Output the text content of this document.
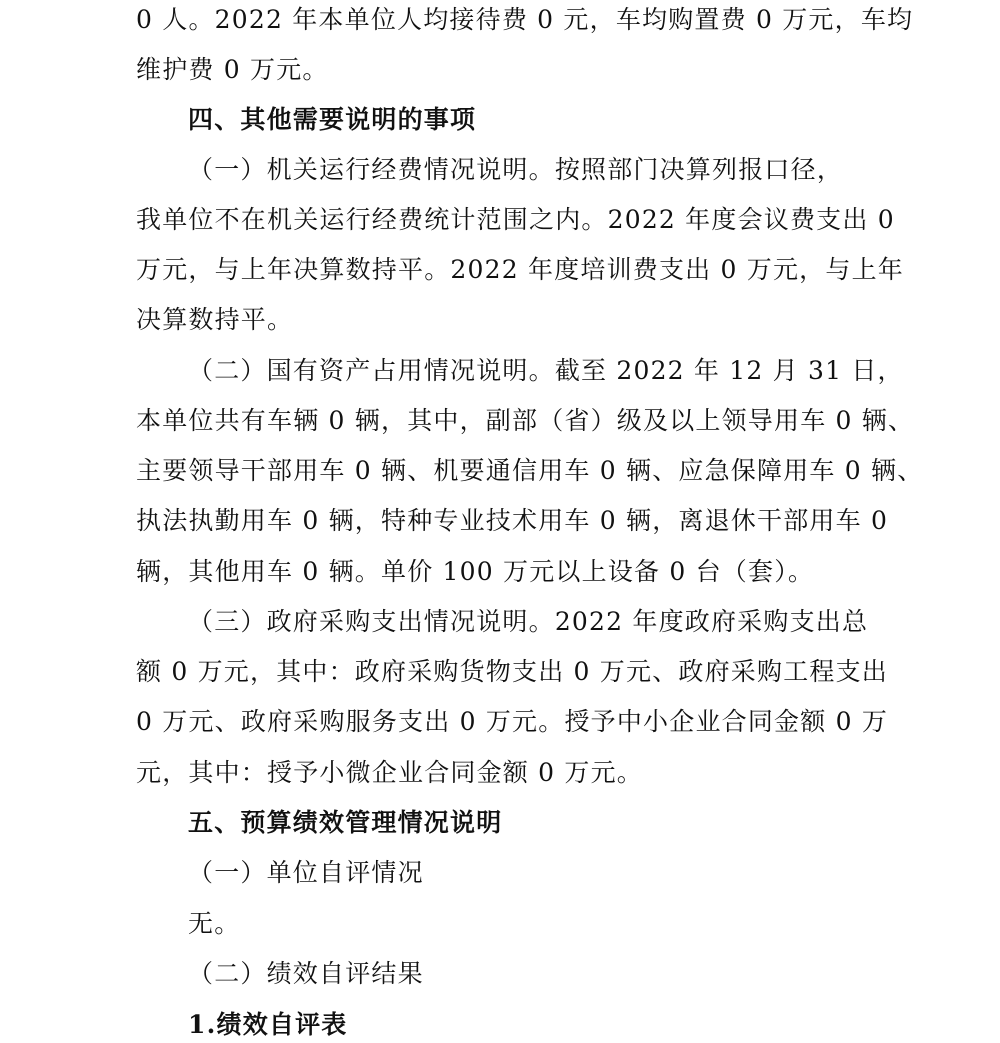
0 人。2022 年本单位人均接待费 0 元，车均购置费 0 万元，车均
维护费 0 万元。
四、其他需要说明的事项
（一）机关运行经费情况说明。按照部门决算列报口径，
我单位不在机关运行经费统计范围之内。2022 年度会议费支出 0
万元，与上年决算数持平。2022 年度培训费支出 0 万元，与上年
决算数持平。
（二）国有资产占用情况说明。截至 2022 年 12 月 31 日，
本单位共有车辆 0 辆，其中，副部（省）级及以上领导用车 0 辆、
主要领导干部用车 0 辆、机要通信用车 0 辆、应急保障用车 0 辆、
执法执勤用车 0 辆，特种专业技术用车 0 辆，离退休干部用车 0
辆，其他用车 0 辆。单价 100 万元以上设备 0 台（套）。
（三）政府采购支出情况说明。2022 年度政府采购支出总
额 0 万元，其中：政府采购货物支出 0 万元、政府采购工程支出
0 万元、政府采购服务支出 0 万元。授予中小企业合同金额 0 万
元，其中：授予小微企业合同金额 0 万元。
五、预算绩效管理情况说明
（一）单位自评情况
无。
（二）绩效自评结果
1.绩效自评表
